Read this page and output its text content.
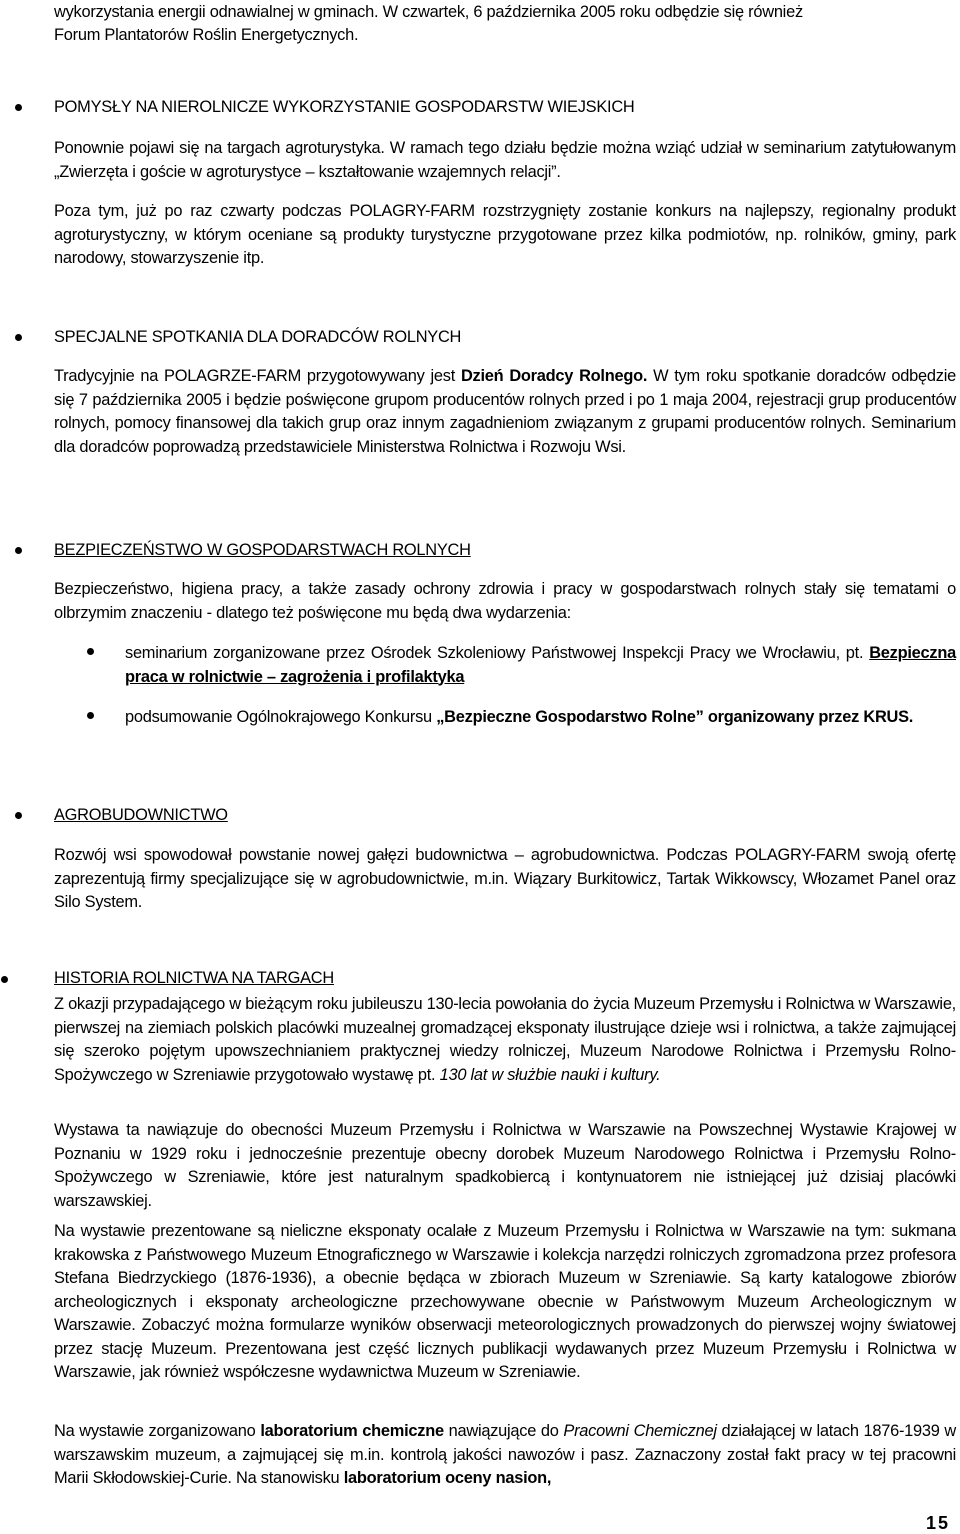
wykorzystania energii odnawialnej w gminach. W czwartek, 6 października 2005 roku odbędzie się również
Forum Plantatorów Roślin Energetycznych.
POMYSŁY NA NIEROLNICZE WYKORZYSTANIE GOSPODARSTW WIEJSKICH
Ponownie pojawi się na targach agroturystyka. W ramach tego działu będzie można wziąć udział w seminarium zatytułowanym „Zwierzęta i goście w agroturystyce – kształtowanie wzajemnych relacji”.
Poza tym, już po raz czwarty podczas POLAGRY-FARM rozstrzygnięty zostanie konkurs na najlepszy, regionalny produkt agroturystyczny, w którym oceniane są produkty turystyczne przygotowane przez kilka podmiotów, np. rolników, gminy, park narodowy, stowarzyszenie itp.
SPECJALNE SPOTKANIA DLA DORADCÓW ROLNYCH
Tradycyjnie na POLAGRZE-FARM przygotowywany jest Dzień Doradcy Rolnego. W tym roku spotkanie doradców odbędzie się 7 października 2005 i będzie poświęcone grupom producentów rolnych przed i po 1 maja 2004, rejestracji grup producentów rolnych, pomocy finansowej dla takich grup oraz innym zagadnieniom związanym z grupami producentów rolnych. Seminarium dla doradców poprowadzą przedstawiciele Ministerstwa Rolnictwa i Rozwoju Wsi.
BEZPIECZEŃSTWO W GOSPODARSTWACH ROLNYCH
Bezpieczeństwo, higiena pracy, a także zasady ochrony zdrowia i pracy w gospodarstwach rolnych stały się tematami o olbrzymim znaczeniu - dlatego też poświęcone mu będą dwa wydarzenia:
seminarium zorganizowane przez Ośrodek Szkoleniowy Państwowej Inspekcji Pracy we Wrocławiu, pt. Bezpieczna praca w rolnictwie – zagrożenia i profilaktyka
podsumowanie Ogólnokrajowego Konkursu „Bezpieczne Gospodarstwo Rolne” organizowany przez KRUS.
AGROBUDOWNICTWO
Rozwój wsi spowodował powstanie nowej gałęzi budownictwa – agrobudownictwa. Podczas POLAGRY-FARM swoją ofertę zaprezentują firmy specjalizujące się w agrobudownictwie, m.in. Wiązary Burkitowicz, Tartak Wikkowscy, Włozamet Panel oraz Silo System.
HISTORIA ROLNICTWA NA TARGACH
Z okazji przypadającego w bieżącym roku jubileuszu 130-lecia powołania do życia Muzeum Przemysłu i Rolnictwa w Warszawie, pierwszej na ziemiach polskich placówki muzealnej gromadzącej eksponaty ilustrujące dzieje wsi i rolnictwa, a także zajmującej się szeroko pojętym upowszechnianiem praktycznej wiedzy rolniczej, Muzeum Narodowe Rolnictwa i Przemysłu Rolno-Spożywczego w Szreniawie przygotowało wystawę pt. 130 lat w służbie nauki i kultury.
Wystawa ta nawiązuje do obecności Muzeum Przemysłu i Rolnictwa w Warszawie na Powszechnej Wystawie Krajowej w Poznaniu w 1929 roku i jednocześnie prezentuje obecny dorobek Muzeum Narodowego Rolnictwa i Przemysłu Rolno-Spożywczego w Szreniawie, które jest naturalnym spadkobiercą i kontynuatorem nie istniejącej już dzisiaj placówki warszawskiej.
Na wystawie prezentowane są nieliczne eksponaty ocalałe z Muzeum Przemysłu i Rolnictwa w Warszawie na tym: sukmana krakowska z Państwowego Muzeum Etnograficznego w Warszawie i kolekcja narzędzi rolniczych zgromadzona przez profesora Stefana Biedrzyckiego (1876-1936), a obecnie będąca w zbiorach Muzeum w Szreniawie. Są karty katalogowe zbiorów archeologicznych i eksponaty archeologiczne przechowywane obecnie w Państwowym Muzeum Archeologicznym w Warszawie. Zobaczyć można formularze wyników obserwacji meteorologicznych prowadzonych do pierwszej wojny światowej przez stację Muzeum. Prezentowana jest część licznych publikacji wydawanych przez Muzeum Przemysłu i Rolnictwa w Warszawie, jak również współczesne wydawnictwa Muzeum w Szreniawie.
Na wystawie zorganizowano laboratorium chemiczne nawiązujące do Pracowni Chemicznej działającej w latach 1876-1939 w warszawskim muzeum, a zajmującej się m.in. kontrolą jakości nawozów i pasz. Zaznaczony został fakt pracy w tej pracowni Marii Skłodowskiej-Curie. Na stanowisku laboratorium oceny nasion,
15
